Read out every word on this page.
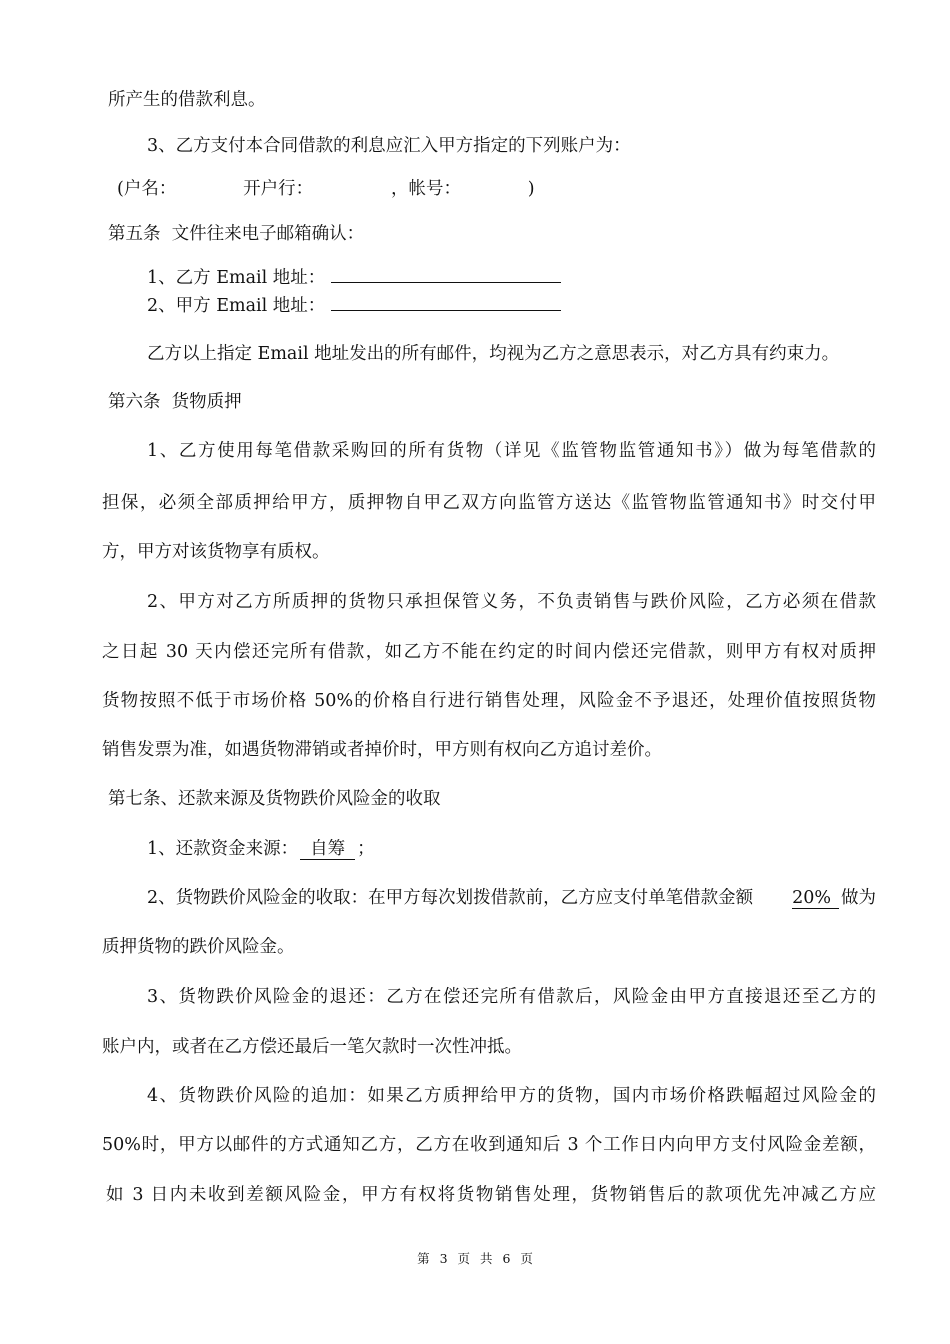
所产生的借款利息。

3、乙方支付本合同借款的利息应汇入甲方指定的下列账户为：

(户名：            开户行：              ，帐号：            )

第五条  文件往来电子邮箱确认：

1、乙方 Email 地址：
2、甲方 Email 地址：

乙方以上指定 Email 地址发出的所有邮件，均视为乙方之意思表示，对乙方具有约束力。

第六条  货物质押

1、乙方使用每笔借款采购回的所有货物（详见《监管物监管通知书》）做为每笔借款的

担保，必须全部质押给甲方，质押物自甲乙双方向监管方送达《监管物监管通知书》时交付甲

方，甲方对该货物享有质权。

2、甲方对乙方所质押的货物只承担保管义务，不负责销售与跌价风险，乙方必须在借款

之日起 30 天内偿还完所有借款，如乙方不能在约定的时间内偿还完借款，则甲方有权对质押

货物按照不低于市场价格 50%的价格自行进行销售处理，风险金不予退还，处理价值按照货物

销售发票为准，如遇货物滞销或者掉价时，甲方则有权向乙方追讨差价。

第七条、还款来源及货物跌价风险金的收取

1、还款资金来源： 自筹 ；
2、货物跌价风险金的收取：在甲方每次划拨借款前，乙方应支付单笔借款金额 20% 做为

质押货物的跌价风险金。

3、货物跌价风险金的退还：乙方在偿还完所有借款后，风险金由甲方直接退还至乙方的

账户内，或者在乙方偿还最后一笔欠款时一次性冲抵。

4、货物跌价风险的追加：如果乙方质押给甲方的货物，国内市场价格跌幅超过风险金的

50%时，甲方以邮件的方式通知乙方，乙方在收到通知后 3 个工作日内向甲方支付风险金差额，

如 3 日内未收到差额风险金，甲方有权将货物销售处理，货物销售后的款项优先冲减乙方应

第 3 页 共 6 页
